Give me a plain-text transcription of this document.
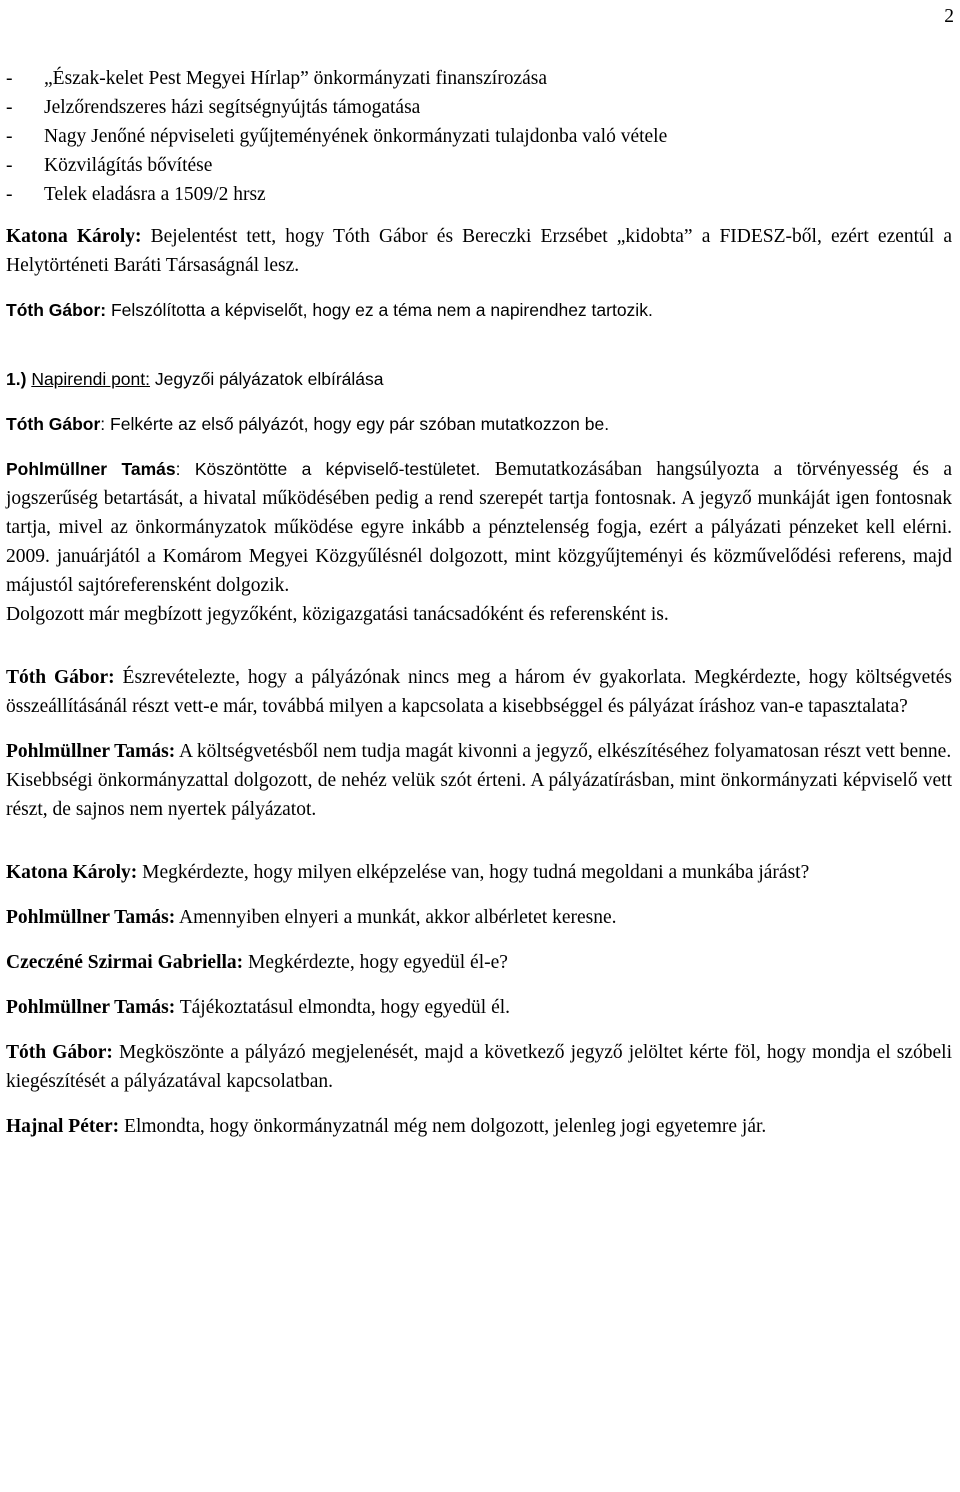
2
- „Észak-kelet Pest Megyei Hírlap” önkormányzati finanszírozása
- Jelzőrendszeres házi segítségnyújtás támogatása
- Nagy Jenőné népviseleti gyűjteményének önkormányzati tulajdonba való vétele
- Közvilágítás bővítése
- Telek eladásra a 1509/2 hrsz

Katona Károly: Bejelentést tett, hogy Tóth Gábor és Bereczki Erzsébet „kidobta” a FIDESZ-ből, ezért ezentúl a Helytörténeti Baráti Társaságnál lesz.

Tóth Gábor: Felszólította a képviselőt, hogy ez a téma nem a napirendhez tartozik.

1.) Napirendi pont: Jegyzői pályázatok elbírálása

Tóth Gábor: Felkérte az első pályázót, hogy egy pár szóban mutatkozzon be.

Pohlmüllner Tamás: Köszöntötte a képviselő-testületet. Bemutatkozásában hangsúlyozta a törvényesség és a jogszerűség betartását, a hivatal működésében pedig a rend szerepét tartja fontosnak. A jegyző munkáját igen fontosnak tartja, mivel az önkormányzatok működése egyre inkább a pénztelenség fogja, ezért a pályázati pénzeket kell elérni. 2009. januárjától a Komárom Megyei Közgyűlésnél dolgozott, mint közgyűjteményi és közművelődési referens, majd májustól sajtóreferensként dolgozik.

Dolgozott már megbízott jegyzőként, közigazgatási tanácsadóként és referensként is.

Tóth Gábor: Észrevételezte, hogy a pályázónak nincs meg a három év gyakorlata. Megkérdezte, hogy költségvetés összeállításánál részt vett-e már, továbbá milyen a kapcsolata a kisebbséggel és pályázat íráshoz van-e tapasztalata?

Pohlmüllner Tamás: A költségvetésből nem tudja magát kivonni a jegyző, elkészítéséhez folyamatosan részt vett benne.

Kisebbségi önkormányzattal dolgozott, de nehéz velük szót érteni. A pályázatírásban, mint önkormányzati képviselő vett részt, de sajnos nem nyertek pályázatot.

Katona Károly: Megkérdezte, hogy milyen elképzelése van, hogy tudná megoldani a munkába járást?

Pohlmüllner Tamás: Amennyiben elnyeri a munkát, akkor albérletet keresne.

Czeczéné Szirmai Gabriella: Megkérdezte, hogy egyedül él-e?

Pohlmüllner Tamás: Tájékoztatásul elmondta, hogy egyedül él.

Tóth Gábor: Megköszönte a pályázó megjelenését, majd a következő jegyző jelöltet kérte föl, hogy mondja el szóbeli kiegészítését a pályázatával kapcsolatban.

Hajnal Péter: Elmondta, hogy önkormányzatnál még nem dolgozott, jelenleg jogi egyetemre jár.
